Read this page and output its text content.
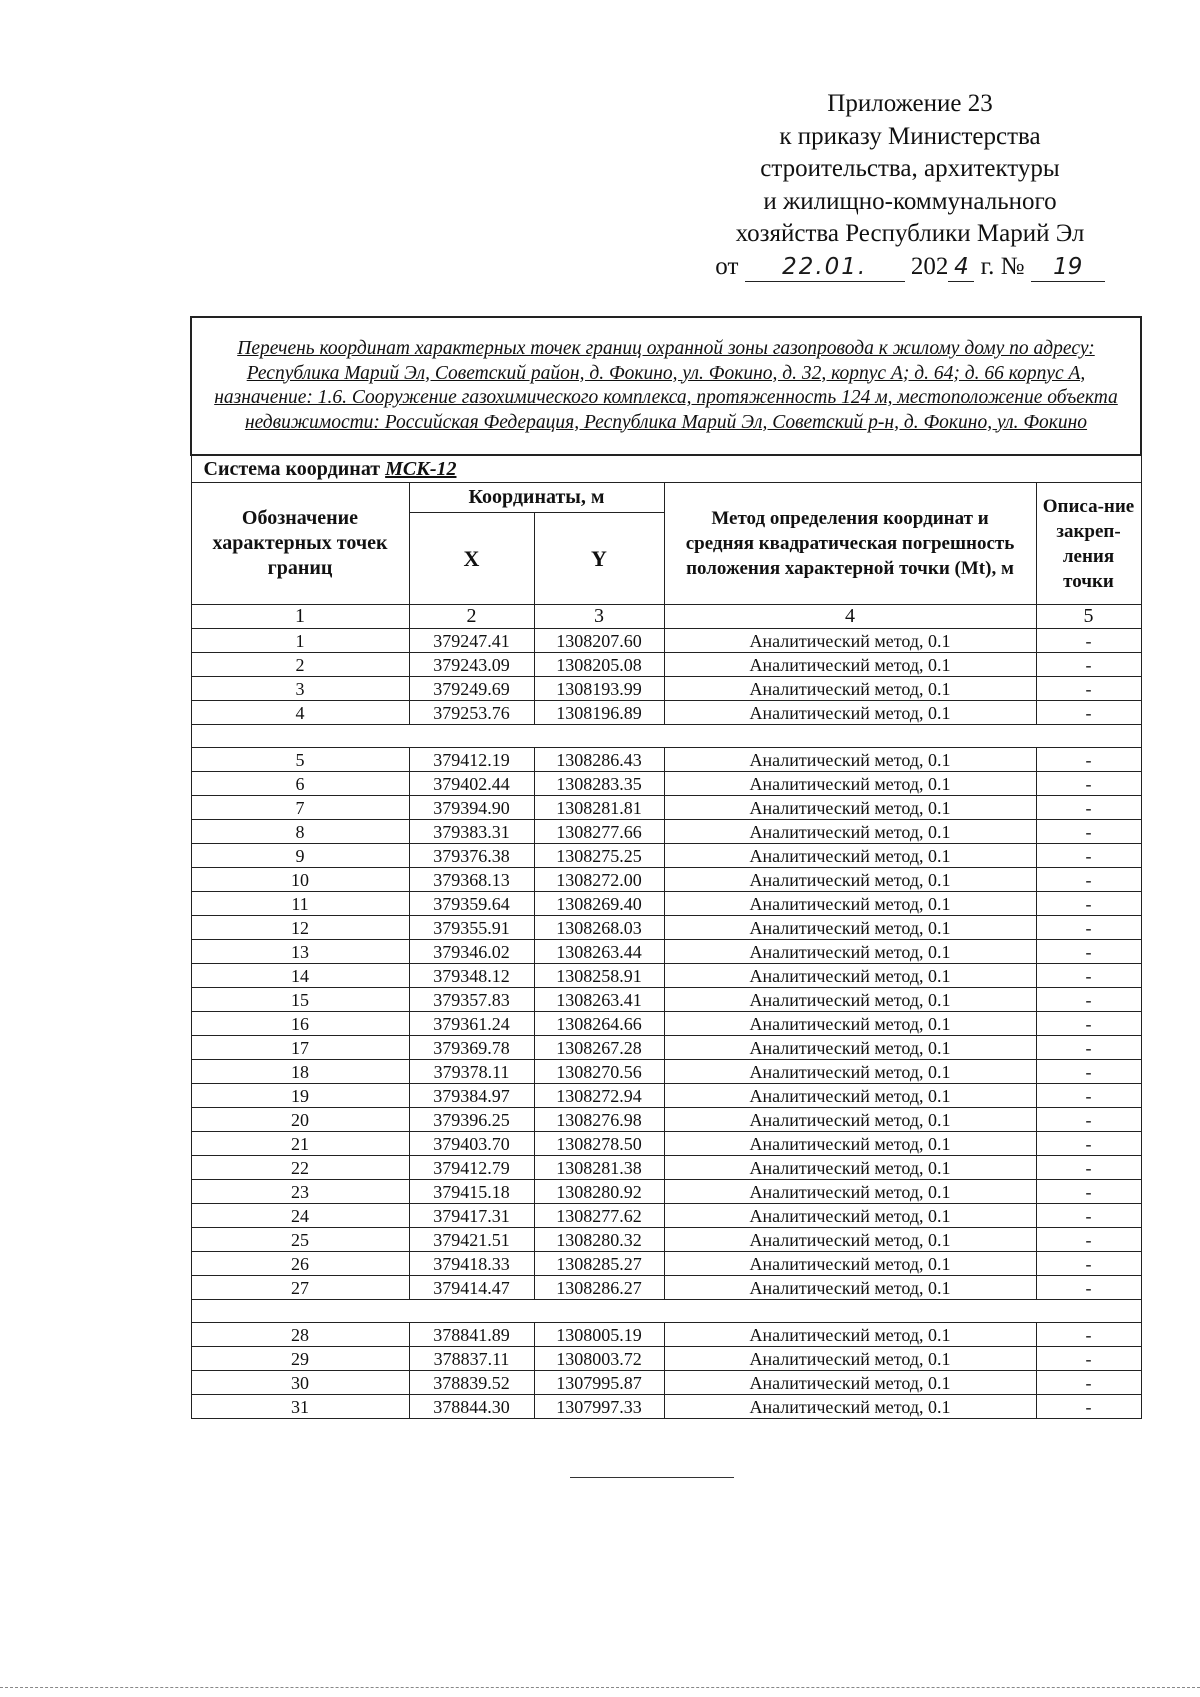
Приложение 23
к приказу Министерства
строительства, архитектуры
и жилищно-коммунального
хозяйства Республики Марий Эл
от 22.01. 202 4 г. № 19
Перечень координат характерных точек границ охранной зоны газопровода к жилому дому по адресу: Республика Марий Эл, Советский район, д. Фокино, ул. Фокино, д. 32, корпус А; д. 64; д. 66 корпус А, назначение: 1.6. Сооружение газохимического комплекса, протяженность 124 м, местоположение объекта недвижимости: Российская Федерация, Республика Марий Эл, Советский р-н, д. Фокино, ул. Фокино				
Система координат МСК-12				
Обозначение характерных точек границ	Координаты, м		Метод определения координат и средняя квадратическая погрешность положения характерной точки (Mt), м	Описа-ние закреп-ления точки
	X	Y		
1	2	3	4	5
1	379247.41	1308207.60	Аналитический метод, 0.1	-
2	379243.09	1308205.08	Аналитический метод, 0.1	-
3	379249.69	1308193.99	Аналитический метод, 0.1	-
4	379253.76	1308196.89	Аналитический метод, 0.1	-

5	379412.19	1308286.43	Аналитический метод, 0.1	-
6	379402.44	1308283.35	Аналитический метод, 0.1	-
7	379394.90	1308281.81	Аналитический метод, 0.1	-
8	379383.31	1308277.66	Аналитический метод, 0.1	-
9	379376.38	1308275.25	Аналитический метод, 0.1	-
10	379368.13	1308272.00	Аналитический метод, 0.1	-
11	379359.64	1308269.40	Аналитический метод, 0.1	-
12	379355.91	1308268.03	Аналитический метод, 0.1	-
13	379346.02	1308263.44	Аналитический метод, 0.1	-
14	379348.12	1308258.91	Аналитический метод, 0.1	-
15	379357.83	1308263.41	Аналитический метод, 0.1	-
16	379361.24	1308264.66	Аналитический метод, 0.1	-
17	379369.78	1308267.28	Аналитический метод, 0.1	-
18	379378.11	1308270.56	Аналитический метод, 0.1	-
19	379384.97	1308272.94	Аналитический метод, 0.1	-
20	379396.25	1308276.98	Аналитический метод, 0.1	-
21	379403.70	1308278.50	Аналитический метод, 0.1	-
22	379412.79	1308281.38	Аналитический метод, 0.1	-
23	379415.18	1308280.92	Аналитический метод, 0.1	-
24	379417.31	1308277.62	Аналитический метод, 0.1	-
25	379421.51	1308280.32	Аналитический метод, 0.1	-
26	379418.33	1308285.27	Аналитический метод, 0.1	-
27	379414.47	1308286.27	Аналитический метод, 0.1	-

28	378841.89	1308005.19	Аналитический метод, 0.1	-
29	378837.11	1308003.72	Аналитический метод, 0.1	-
30	378839.52	1307995.87	Аналитический метод, 0.1	-
31	378844.30	1307997.33	Аналитический метод, 0.1	-
